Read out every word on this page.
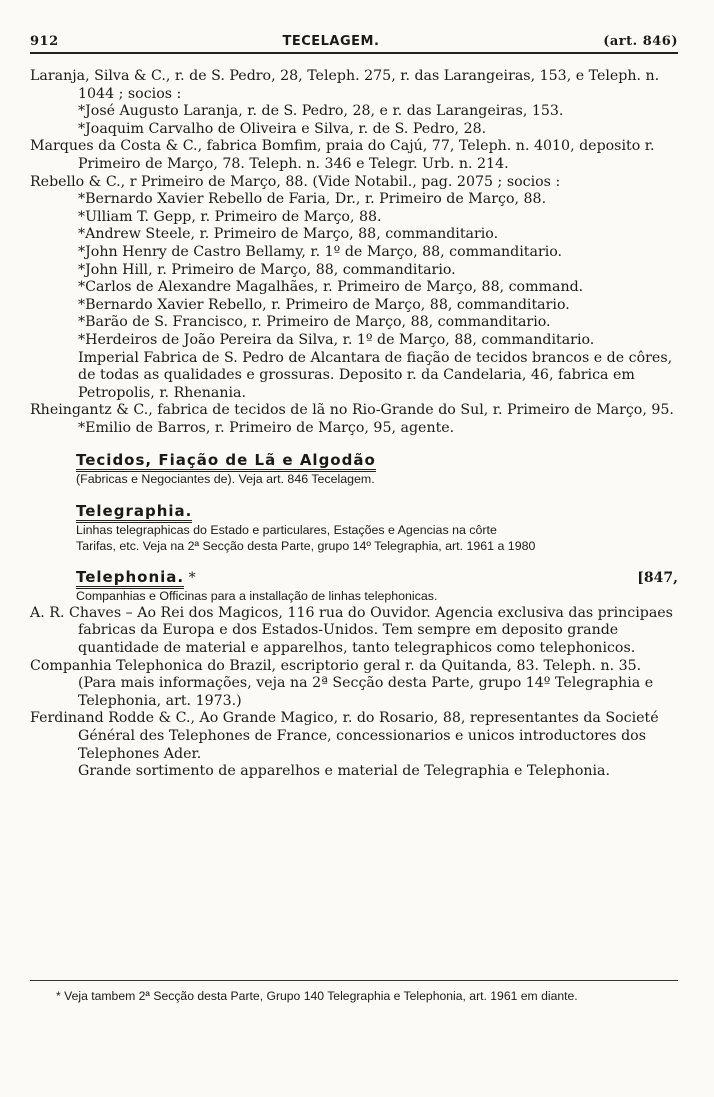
912	TECELAGEM.	(art. 846)

Laranja, Silva & C., r. de S. Pedro, 28, Teleph. 275, r. das Larangeiras, 153, e Teleph. n. 1044 ; socios :

*José Augusto Laranja, r. de S. Pedro, 28, e r. das Larangeiras, 153.

*Joaquim Carvalho de Oliveira e Silva, r. de S. Pedro, 28.

Marques da Costa & C., fabrica Bomfim, praia do Cajú, 77, Teleph. n. 4010, deposito r. Primeiro de Março, 78. Teleph. n. 346 e Telegr. Urb. n. 214.

Rebello & C., r Primeiro de Março, 88. (Vide Notabil., pag. 2075 ; socios :

*Bernardo Xavier Rebello de Faria, Dr., r. Primeiro de Março, 88.

*Ulliam T. Gepp, r. Primeiro de Março, 88.

*Andrew Steele, r. Primeiro de Março, 88, commanditario.

*John Henry de Castro Bellamy, r. 1º de Março, 88, commanditario.

*John Hill, r. Primeiro de Março, 88, commanditario.

*Carlos de Alexandre Magalhães, r. Primeiro de Março, 88, command.

*Bernardo Xavier Rebello, r. Primeiro de Março, 88, commanditario.

*Barão de S. Francisco, r. Primeiro de Março, 88, commanditario.

*Herdeiros de João Pereira da Silva, r. 1º de Março, 88, commanditario.

Imperial Fabrica de S. Pedro de Alcantara de fiação de tecidos brancos e de côres, de todas as qualidades e grossuras. Deposito r. da Candelaria, 46, fabrica em Petropolis, r. Rhenania.

Rheingantz & C., fabrica de tecidos de lã no Rio-Grande do Sul, r. Primeiro de Março, 95.

*Emilio de Barros, r. Primeiro de Março, 95, agente.

Tecidos, Fiação de Lã e Algodão
(Fabricas e Negociantes de). Veja art. 846 Tecelagem.
Telegraphia.
Linhas telegraphicas do Estado e particulares, Estações e Agencias na côrte
Tarifas, etc. Veja na 2ª Secção desta Parte, grupo 14º Telegraphia, art. 1961 a 1980
Telephonia. *	[847,
Companhias e Officinas para a installação de linhas telephonicas.

A. R. Chaves – Ao Rei dos Magicos, 116 rua do Ouvidor. Agencia exclusiva das principaes fabricas da Europa e dos Estados-Unidos. Tem sempre em deposito grande quantidade de material e apparelhos, tanto telegraphicos como telephonicos.

Companhia Telephonica do Brazil, escriptorio geral r. da Quitanda, 83. Teleph. n. 35. (Para mais informações, veja na 2ª Secção desta Parte, grupo 14º Telegraphia e Telephonia, art. 1973.)

Ferdinand Rodde & C., Ao Grande Magico, r. do Rosario, 88, representantes da Societé Général des Telephones de France, concessionarios e unicos introductores dos Telephones Ader.

Grande sortimento de apparelhos e material de Telegraphia e Telephonia.

* Veja tambem 2ª Secção desta Parte, Grupo 140 Telegraphia e Telephonia, art. 1961 em diante.
